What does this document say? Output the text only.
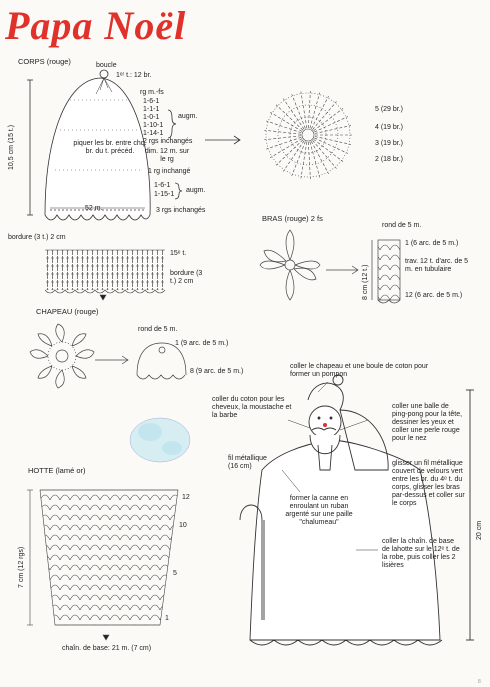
Papa Noël
CORPS (rouge)	boucle
1ᵉʳ t.: 12 br.
rg m.-fs
1-6-1
1-1-1
1-0-1
1-10-1
1-14-1
augm.
2 rgs inchangés
piquer les br. entre chq. br. du t. précéd.
10,5 cm (15 t.)	dim. 12 m. sur le rg
1 rg inchangé
1-6-1
1-15-1
augm.
52 m.	3 rgs inchangés
bordure (3 t.) 2 cm
15ᵉ t.
bordure (3 t.) 2 cm
5 (29 br.)
4 (19 br.)
3 (19 br.)
2 (18 br.)
BRAS (rouge) 2 fs
rond de 5 m.
1 (6 arc. de 5 m.)
8 cm (12 t.)
trav. 12 t. d'arc. de 5 m. en tubulaire
12 (6 arc. de 5 m.)
CHAPEAU (rouge)
rond de 5 m.
1 (9 arc. de 5 m.)
8 (9 arc. de 5 m.)
HOTTE (lamé or)
7 cm (12 rgs)
12
10
5
1
chaîn. de base: 21 m. (7 cm)
coller le chapeau et une boule de coton pour former un pompon
coller du coton pour les cheveux, la moustache et la barbe
fil métallique (16 cm)
former la canne en enroulant un ruban argenté sur une paille "chalumeau"
coller une balle de ping-pong pour la tête, dessiner les yeux et coller une perle rouge pour le nez
glisser un fil métallique couvert de velours vert entre les br. du 4ᵉ t. du corps, glisser les bras par-dessus et coller sur le corps
coller la chaîn. de base de lahotte sur le 12ᵉ t. de la robe, puis coller les 2 lisières
20 cm
8
